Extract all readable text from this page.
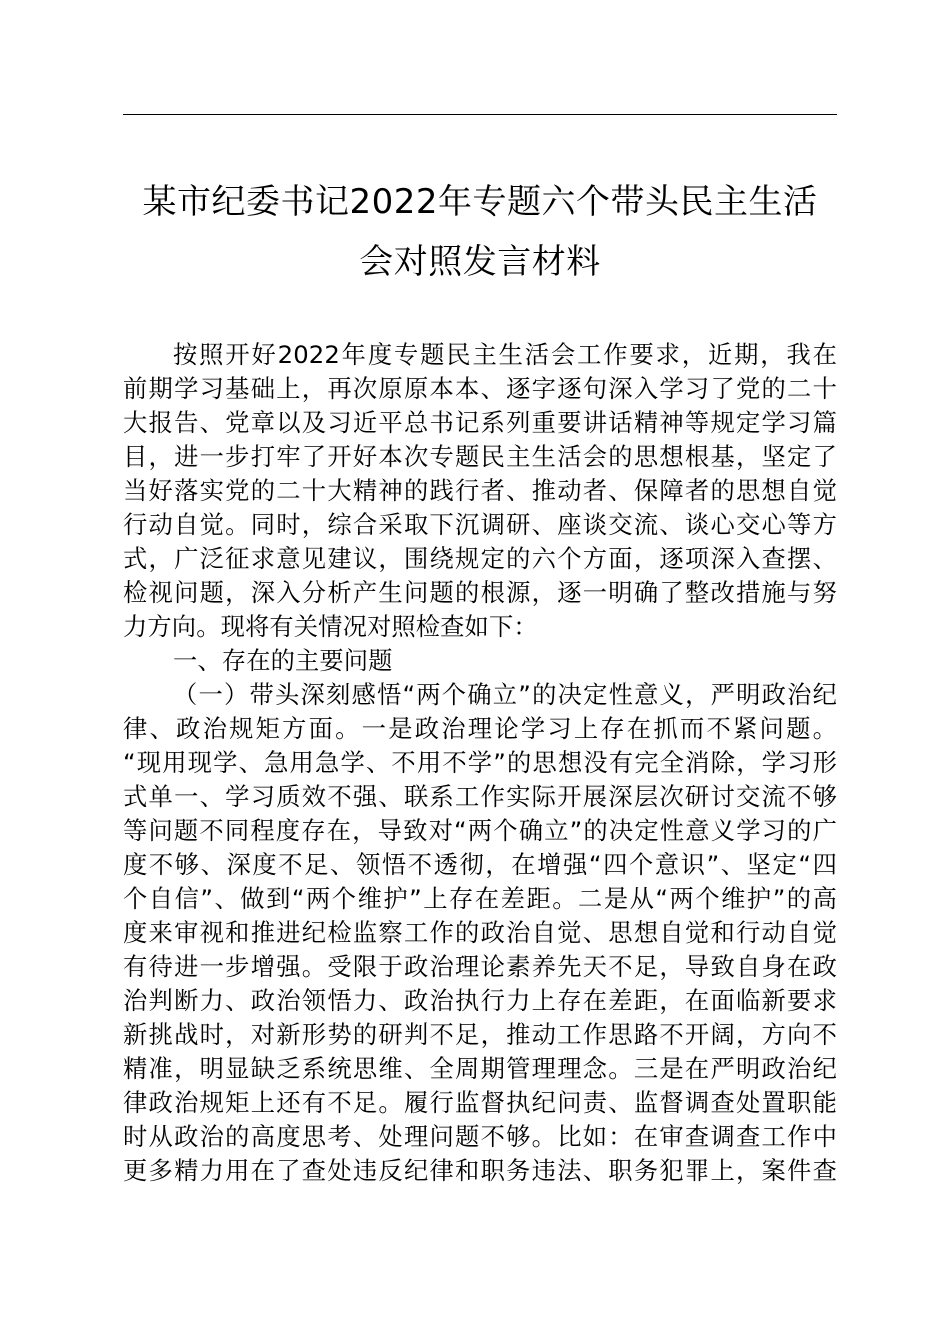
某市纪委书记2022年专题六个带头民主生活
会对照发言材料
按照开好2022年度专题民主生活会工作要求，近期，我在
前期学习基础上，再次原原本本、逐字逐句深入学习了党的二十
大报告、党章以及习近平总书记系列重要讲话精神等规定学习篇
目，进一步打牢了开好本次专题民主生活会的思想根基，坚定了
当好落实党的二十大精神的践行者、推动者、保障者的思想自觉
行动自觉。同时，综合采取下沉调研、座谈交流、谈心交心等方
式，广泛征求意见建议，围绕规定的六个方面，逐项深入查摆、
检视问题，深入分析产生问题的根源，逐一明确了整改措施与努
力方向。现将有关情况对照检查如下：
一、存在的主要问题
（一）带头深刻感悟“两个确立”的决定性意义，严明政治纪
律、政治规矩方面。一是政治理论学习上存在抓而不紧问题。
“现用现学、急用急学、不用不学”的思想没有完全消除，学习形
式单一、学习质效不强、联系工作实际开展深层次研讨交流不够
等问题不同程度存在，导致对“两个确立”的决定性意义学习的广
度不够、深度不足、领悟不透彻，在增强“四个意识”、坚定“四
个自信”、做到“两个维护”上存在差距。二是从“两个维护”的高
度来审视和推进纪检监察工作的政治自觉、思想自觉和行动自觉
有待进一步增强。受限于政治理论素养先天不足，导致自身在政
治判断力、政治领悟力、政治执行力上存在差距，在面临新要求
新挑战时，对新形势的研判不足，推动工作思路不开阔，方向不
精准，明显缺乏系统思维、全周期管理理念。三是在严明政治纪
律政治规矩上还有不足。履行监督执纪问责、监督调查处置职能
时从政治的高度思考、处理问题不够。比如：在审查调查工作中
更多精力用在了查处违反纪律和职务违法、职务犯罪上，案件查
